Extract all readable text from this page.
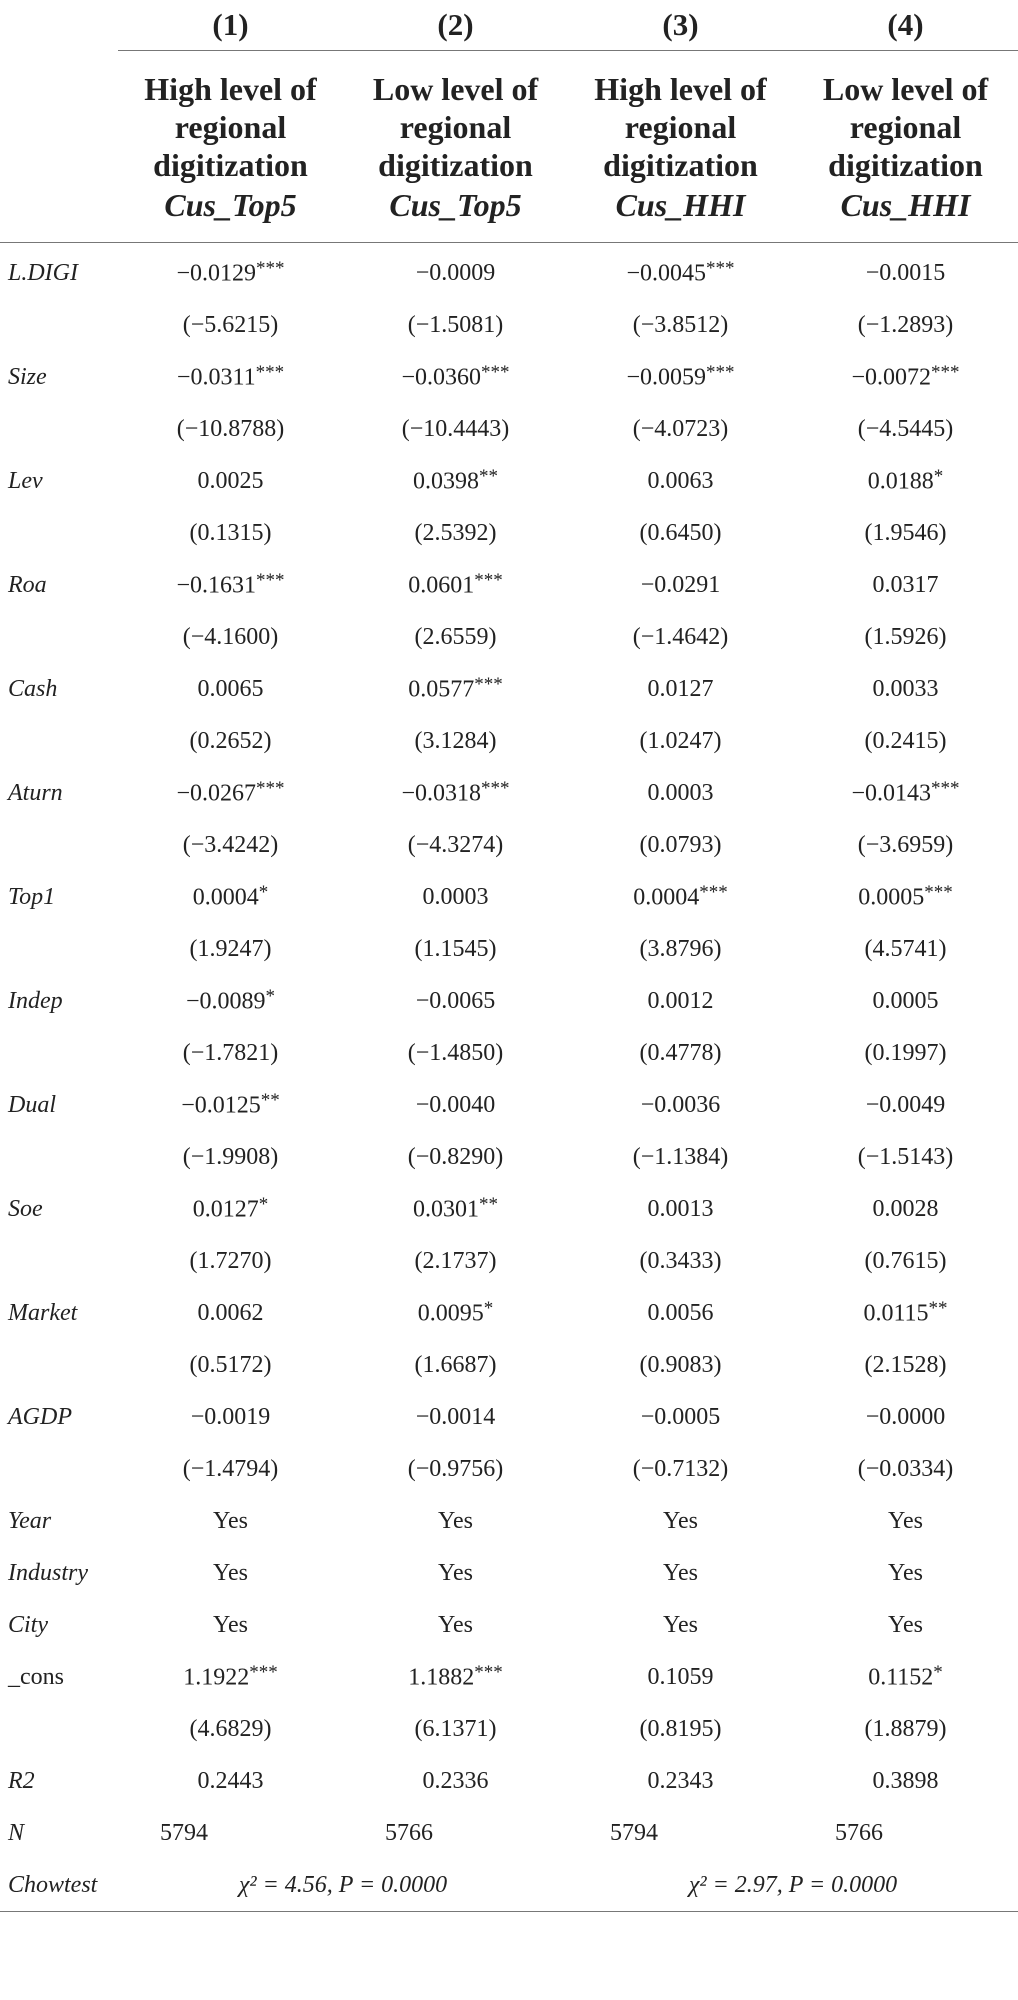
	(1)	(2)	(3)	(4)

	High level of
regional
digitization
Cus_Top5	Low level of
regional
digitization
Cus_Top5	High level of
regional
digitization
Cus_HHI	Low level of
regional
digitization
Cus_HHI

L.DIGI	−0.0129***	−0.0009	−0.0045***	−0.0015
	(−5.6215)	(−1.5081)	(−3.8512)	(−1.2893)
Size	−0.0311***	−0.0360***	−0.0059***	−0.0072***
	(−10.8788)	(−10.4443)	(−4.0723)	(−4.5445)
Lev	0.0025	0.0398**	0.0063	0.0188*
	(0.1315)	(2.5392)	(0.6450)	(1.9546)
Roa	−0.1631***	0.0601***	−0.0291	0.0317
	(−4.1600)	(2.6559)	(−1.4642)	(1.5926)
Cash	0.0065	0.0577***	0.0127	0.0033
	(0.2652)	(3.1284)	(1.0247)	(0.2415)
Aturn	−0.0267***	−0.0318***	0.0003	−0.0143***
	(−3.4242)	(−4.3274)	(0.0793)	(−3.6959)
Top1	0.0004*	0.0003	0.0004***	0.0005***
	(1.9247)	(1.1545)	(3.8796)	(4.5741)
Indep	−0.0089*	−0.0065	0.0012	0.0005
	(−1.7821)	(−1.4850)	(0.4778)	(0.1997)
Dual	−0.0125**	−0.0040	−0.0036	−0.0049
	(−1.9908)	(−0.8290)	(−1.1384)	(−1.5143)
Soe	0.0127*	0.0301**	0.0013	0.0028
	(1.7270)	(2.1737)	(0.3433)	(0.7615)
Market	0.0062	0.0095*	0.0056	0.0115**
	(0.5172)	(1.6687)	(0.9083)	(2.1528)
AGDP	−0.0019	−0.0014	−0.0005	−0.0000
	(−1.4794)	(−0.9756)	(−0.7132)	(−0.0334)
Year	Yes	Yes	Yes	Yes
Industry	Yes	Yes	Yes	Yes
City	Yes	Yes	Yes	Yes
_cons	1.1922***	1.1882***	0.1059	0.1152*
	(4.6829)	(6.1371)	(0.8195)	(1.8879)
R2	0.2443	0.2336	0.2343	0.3898
N	5794	5766	5794	5766
Chowtest	χ² = 4.56, P = 0.0000		χ² = 2.97, P = 0.0000	
